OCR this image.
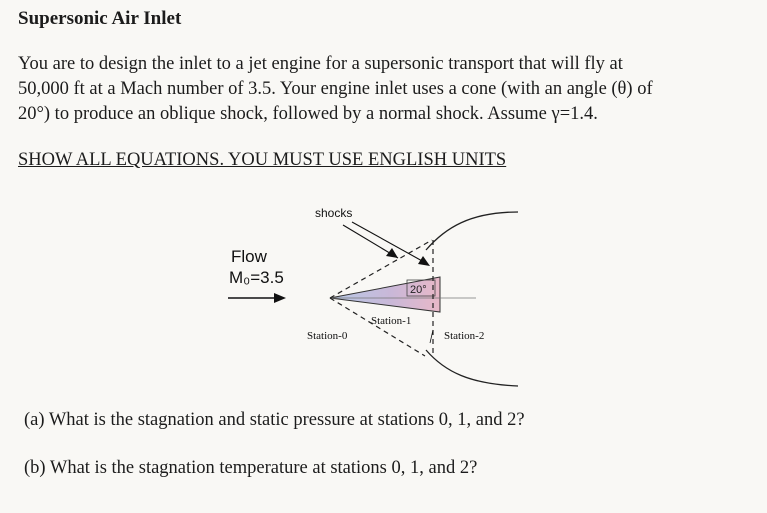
Supersonic Air Inlet
You are to design the inlet to a jet engine for a supersonic transport that will fly at
50,000 ft at a Mach number of 3.5. Your engine inlet uses a cone (with an angle (θ) of
20°) to produce an oblique shock, followed by a normal shock. Assume γ=1.4.
SHOW ALL EQUATIONS. YOU MUST USE ENGLISH UNITS
20°
shocks
Flow
M₀=3.5
Station-0
Station-1
Station-2
(a) What is the stagnation and static pressure at stations 0, 1, and 2?
(b) What is the stagnation temperature at stations 0, 1, and 2?
